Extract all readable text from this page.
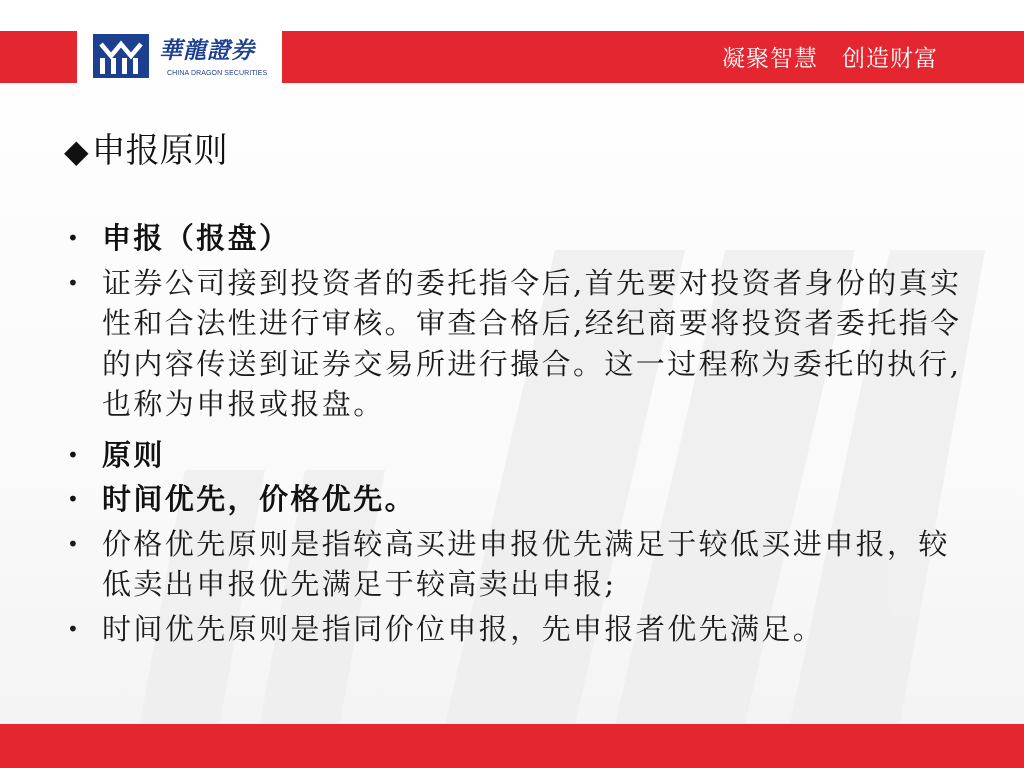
華龍證券
CHINA DRAGON SECURITIES
凝聚智慧 创造财富
◆申报原则
• 申报（报盘）
• 证券公司接到投资者的委托指令后,首先要对投资者身份的真实性和合法性进行审核。审查合格后,经纪商要将投资者委托指令的内容传送到证券交易所进行撮合。这一过程称为委托的执行,也称为申报或报盘。
• 原则
• 时间优先，价格优先。
• 价格优先原则是指较高买进申报优先满足于较低买进申报，较低卖出申报优先满足于较高卖出申报;
• 时间优先原则是指同价位申报，先申报者优先满足。
